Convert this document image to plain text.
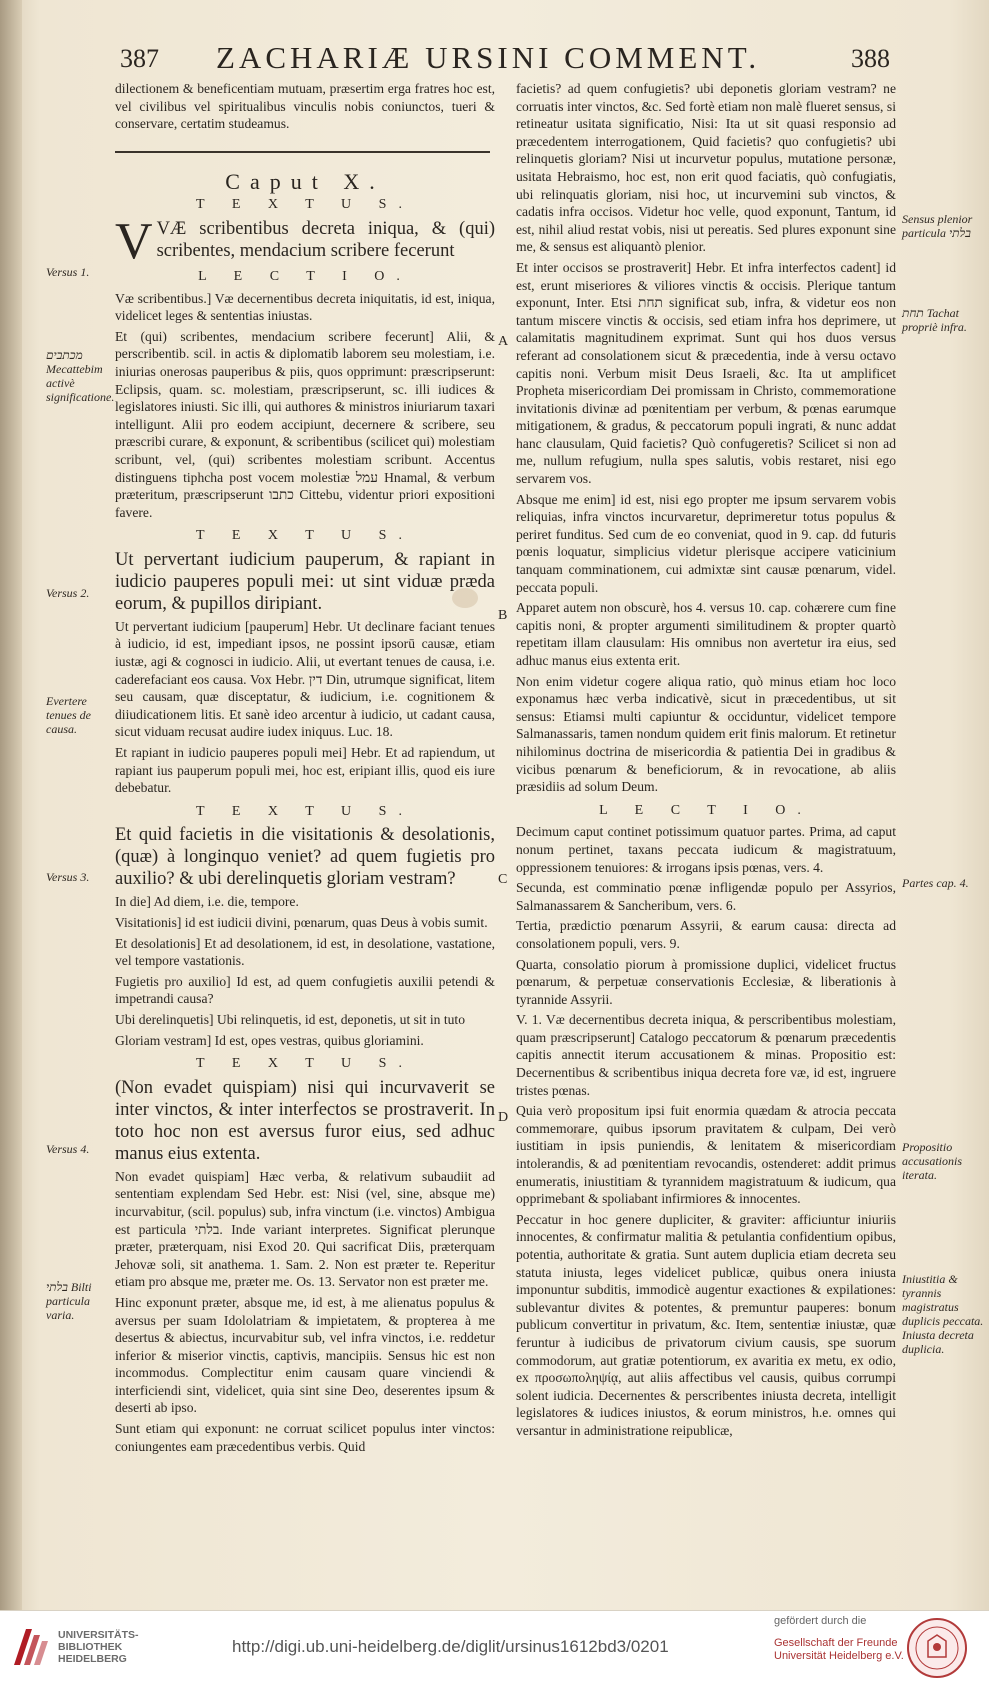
387 ZACHARIÆ URSINI COMMENT.	388

dilectionem & beneficentiam mutuam, præsertim erga fratres hoc est, vel civilibus vel spiritualibus vinculis nobis coniunctos, tueri & conservare, certatim studeamus.

Caput X.
T E X T U S.

VVÆ scribentibus decreta iniqua, & (qui) scribentes, mendacium scribere fecerunt

L E C T I O.

Væ scribentibus.] Væ decernentibus decreta iniquitatis, id est, iniqua, videlicet leges & sententias iniustas.

Et (qui) scribentes, mendacium scribere fecerunt] Alii, & perscribentib. scil. in actis & diplomatib laborem seu molestiam, i.e. iniurias onerosas pauperibus & piis, quos opprimunt: præscripserunt: Eclipsis, quam. sc. molestiam, præscripserunt, sc. illi iudices & legislatores iniusti. Sic illi, qui authores & ministros iniuriarum taxari intelligunt. Alii pro eodem accipiunt, decernere & scribere, seu præscribi curare, & exponunt, & scribentibus (scilicet qui) molestiam scribunt, vel, (qui) scribentes molestiam scribunt. Accentus distinguens tiphcha post vocem molestiæ עמל Hnamal, & verbum præteritum, præscripserunt כתבו Cittebu, videntur priori expositioni favere.

T E X T U S.

Ut pervertant iudicium pauperum, & rapiant in iudicio pauperes populi mei: ut sint viduæ præda eorum, & pupillos diripiant.

Ut pervertant iudicium [pauperum] Hebr. Ut declinare faciant tenues à iudicio, id est, impediant ipsos, ne possint ipsorū causæ, etiam iustæ, agi & cognosci in iudicio. Alii, ut evertant tenues de causa, i.e. caderefaciant eos causa. Vox Hebr. דין Din, utrumque significat, litem seu causam, quæ disceptatur, & iudicium, i.e. cognitionem & diiudicationem litis. Et sanè ideo arcentur à iudicio, ut cadant causa, sicut viduam recusat audire iudex iniquus. Luc. 18.

Et rapiant in iudicio pauperes populi mei] Hebr. Et ad rapiendum, ut rapiant ius pauperum populi mei, hoc est, eripiant illis, quod eis iure debebatur.

T E X T U S.

Et quid facietis in die visitationis & desolationis, (quæ) à longinquo veniet? ad quem fugietis pro auxilio? & ubi derelinquetis gloriam vestram?

In die] Ad diem, i.e. die, tempore.

Visitationis] id est iudicii divini, pœnarum, quas Deus à vobis sumit.

Et desolationis] Et ad desolationem, id est, in desolatione, vastatione, vel tempore vastationis.

Fugietis pro auxilio] Id est, ad quem confugietis auxilii petendi & impetrandi causa?

Ubi derelinquetis] Ubi relinquetis, id est, deponetis, ut sit in tuto

Gloriam vestram] Id est, opes vestras, quibus gloriamini.

T E X T U S.

(Non evadet quispiam) nisi qui incurvaverit se inter vinctos, & inter interfectos se prostraverit. In toto hoc non est aversus furor eius, sed adhuc manus eius extenta.

Non evadet quispiam] Hæc verba, & relativum subaudiit ad sententiam explendam Sed Hebr. est: Nisi (vel, sine, absque me) incurvabitur, (scil. populus) sub, infra vinctum (i.e. vinctos) Ambigua est particula בלתי. Inde variant interpretes. Significat plerunque præter, præterquam, nisi Exod 20. Qui sacrificat Diis, præterquam Jehovæ soli, sit anathema. 1. Sam. 2. Non est præter te. Reperitur etiam pro absque me, præter me. Os. 13. Servator non est præter me.

Hinc exponunt præter, absque me, id est, à me alienatus populus & aversus per suam Idololatriam & impietatem, & propterea à me desertus & abiectus, incurvabitur sub, vel infra vinctos, i.e. reddetur inferior & miserior vinctis, captivis, mancipiis. Sensus hic est non incommodus. Complectitur enim causam quare vinciendi & interficiendi sint, videlicet, quia sint sine Deo, deserentes ipsum & deserti ab ipso.

Sunt etiam qui exponunt: ne corruat scilicet populus inter vinctos: coniungentes eam præcedentibus verbis. Quid

facietis? ad quem confugietis? ubi deponetis gloriam vestram? ne corruatis inter vinctos, &c. Sed fortè etiam non malè flueret sensus, si retineatur usitata significatio, Nisi: Ita ut sit quasi responsio ad præcedentem interrogationem, Quid facietis? quo confugietis? ubi relinquetis gloriam? Nisi ut incurvetur populus, mutatione personæ, usitata Hebraismo, hoc est, non erit quod faciatis, quò confugiatis, ubi relinquatis gloriam, nisi hoc, ut incurvemini sub vinctos, & cadatis infra occisos. Videtur hoc velle, quod exponunt, Tantum, id est, nihil aliud restat vobis, nisi ut pereatis. Sed plures exponunt sine me, & sensus est aliquantò plenior.

Et inter occisos se prostraverit] Hebr. Et infra interfectos cadent] id est, erunt miseriores & viliores vinctis & occisis. Plerique tantum exponunt, Inter. Etsi תחת significat sub, infra, & videtur eos non tantum miscere vinctis & occisis, sed etiam infra hos deprimere, ut calamitatis magnitudinem exprimat. Sunt qui hos duos versus referant ad consolationem sicut & præcedentia, inde à versu octavo capitis noni. Verbum misit Deus Israeli, &c. Ita ut amplificet Propheta misericordiam Dei promissam in Christo, commemoratione invitationis divinæ ad pœnitentiam per verbum, & pœnas earumque mitigationem, & gradus, & peccatorum populi ingrati, & nunc addat hanc clausulam, Quid facietis? Quò confugeretis? Scilicet si non ad me, nullum refugium, nulla spes salutis, vobis restaret, nisi ego servarem vos.

Absque me enim] id est, nisi ego propter me ipsum servarem vobis reliquias, infra vinctos incurvaretur, deprimeretur totus populus & periret funditus. Sed cum de eo conveniat, quod in 9. cap. dd futuris pœnis loquatur, simplicius videtur plerisque accipere vaticinium tanquam comminationem, cui admixtæ sint causæ pœnarum, videl. peccata populi.

Apparet autem non obscurè, hos 4. versus 10. cap. cohærere cum fine capitis noni, & propter argumenti similitudinem & propter quartò repetitam illam clausulam: His omnibus non avertetur ira eius, sed adhuc manus eius extenta erit.

Non enim videtur cogere aliqua ratio, quò minus etiam hoc loco exponamus hæc verba indicativè, sicut in præcedentibus, ut sit sensus: Etiamsi multi capiuntur & occiduntur, videlicet tempore Salmanassaris, tamen nondum quidem erit finis malorum. Et retinetur nihilominus doctrina de misericordia & patientia Dei in gradibus & vicibus pœnarum & beneficiorum, & in revocatione, ab aliis præsidiis ad solum Deum.

L E C T I O.

Decimum caput continet potissimum quatuor partes. Prima, ad caput nonum pertinet, taxans peccata iudicum & magistratuum, oppressionem tenuiores: & irrogans ipsis pœnas, vers. 4.

Secunda, est comminatio pœnæ infligendæ populo per Assyrios, Salmanassarem & Sancheribum, vers. 6.

Tertia, prædictio pœnarum Assyrii, & earum causa: directa ad consolationem populi, vers. 9.

Quarta, consolatio piorum à promissione duplici, videlicet fructus pœnarum, & perpetuæ conservationis Ecclesiæ, & liberationis à tyrannide Assyrii.

V. 1. Væ decernentibus decreta iniqua, & perscribentibus molestiam, quam præscripserunt] Catalogo peccatorum & pœnarum præcedentis capitis annectit iterum accusationem & minas. Propositio est: Decernentibus & scribentibus iniqua decreta fore væ, id est, ingruere tristes pœnas.

Quia verò propositum ipsi fuit enormia quædam & atrocia peccata commemorare, quibus ipsorum pravitatem & culpam, Dei verò iustitiam in ipsis puniendis, & lenitatem & misericordiam intolerandis, & ad pœnitentiam revocandis, ostenderet: addit primus enumeratis, iniustitiam & tyrannidem magistratuum & iudicum, qua opprimebant & spoliabant infirmiores & innocentes.

Peccatur in hoc genere dupliciter, & graviter: afficiuntur iniuriis innocentes, & confirmatur malitia & petulantia confidentium opibus, potentia, authoritate & gratia. Sunt autem duplicia etiam decreta seu statuta iniusta, leges videlicet publicæ, quibus onera iniusta imponuntur subditis, immodicè augentur exactiones & expilationes: sublevantur divites & potentes, & premuntur pauperes: bonum publicum convertitur in privatum, &c. Item, sententiæ iniustæ, quæ feruntur à iudicibus de privatorum civium causis, spe suorum commodorum, aut gratiæ potentiorum, ex avaritia ex metu, ex odio, ex προσωποληψίᾳ, aut aliis affectibus vel causis, quibus corrumpi solent iudicia. Decernentes & perscribentes iniusta decreta, intelligit legislatores & iudices iniustos, & eorum ministros, h.e. omnes qui versantur in administratione reipublicæ,

Versus 1.
מכתבים Mecattebim activè significatione.
Versus 2.
Evertere tenues de causa.
Versus 3.
Versus 4.
בלתי Bilti particula varia.
Sensus plenior particula בלתי
תחת Tachat propriè infra.
Partes cap. 4.
Propositio accusationis iterata.
Iniustitia & tyrannis magistratus duplicis peccata. Iniusta decreta duplicia.
A
B
C
D
UNIVERSITÄTS-
BIBLIOTHEK
HEIDELBERG
http://digi.ub.uni-heidelberg.de/diglit/ursinus1612bd3/0201
gefördert durch die
Gesellschaft der Freunde
Universität Heidelberg e.V.
